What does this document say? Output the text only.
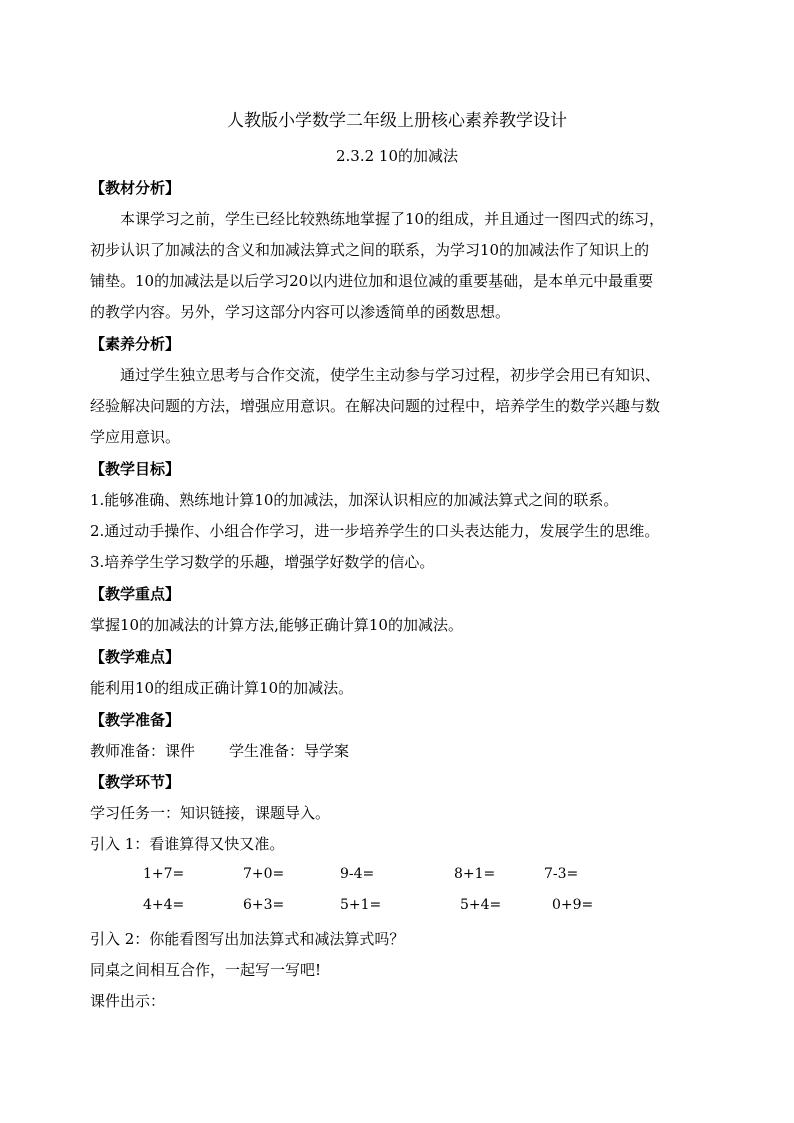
人教版小学数学二年级上册核心素养教学设计
2.3.2 10的加减法
【教材分析】
本课学习之前，学生已经比较熟练地掌握了10的组成，并且通过一图四式的练习，
初步认识了加减法的含义和加减法算式之间的联系，为学习10的加减法作了知识上的
铺垫。10的加减法是以后学习20以内进位加和退位减的重要基础，是本单元中最重要
的教学内容。另外，学习这部分内容可以渗透简单的函数思想。
【素养分析】
通过学生独立思考与合作交流，使学生主动参与学习过程，初步学会用已有知识、
经验解决问题的方法，增强应用意识。在解决问题的过程中，培养学生的数学兴趣与数
学应用意识。
【教学目标】
1.能够准确、熟练地计算10的加减法，加深认识相应的加减法算式之间的联系。
2.通过动手操作、小组合作学习，进一步培养学生的口头表达能力，发展学生的思维。
3.培养学生学习数学的乐趣，增强学好数学的信心。
【教学重点】
掌握10的加减法的计算方法,能够正确计算10的加减法。
【教学难点】
能利用10的组成正确计算10的加减法。
【教学准备】
教师准备：课件 学生准备：导学案
【教学环节】
学习任务一：知识链接，课题导入。
引入 1：看谁算得又快又准。
1+7=	7+0=	9-4=	8+1=	7-3=
4+4=	6+3=	5+1=	5+4=	0+9=
引入 2：你能看图写出加法算式和减法算式吗？
同桌之间相互合作，一起写一写吧!
课件出示：
